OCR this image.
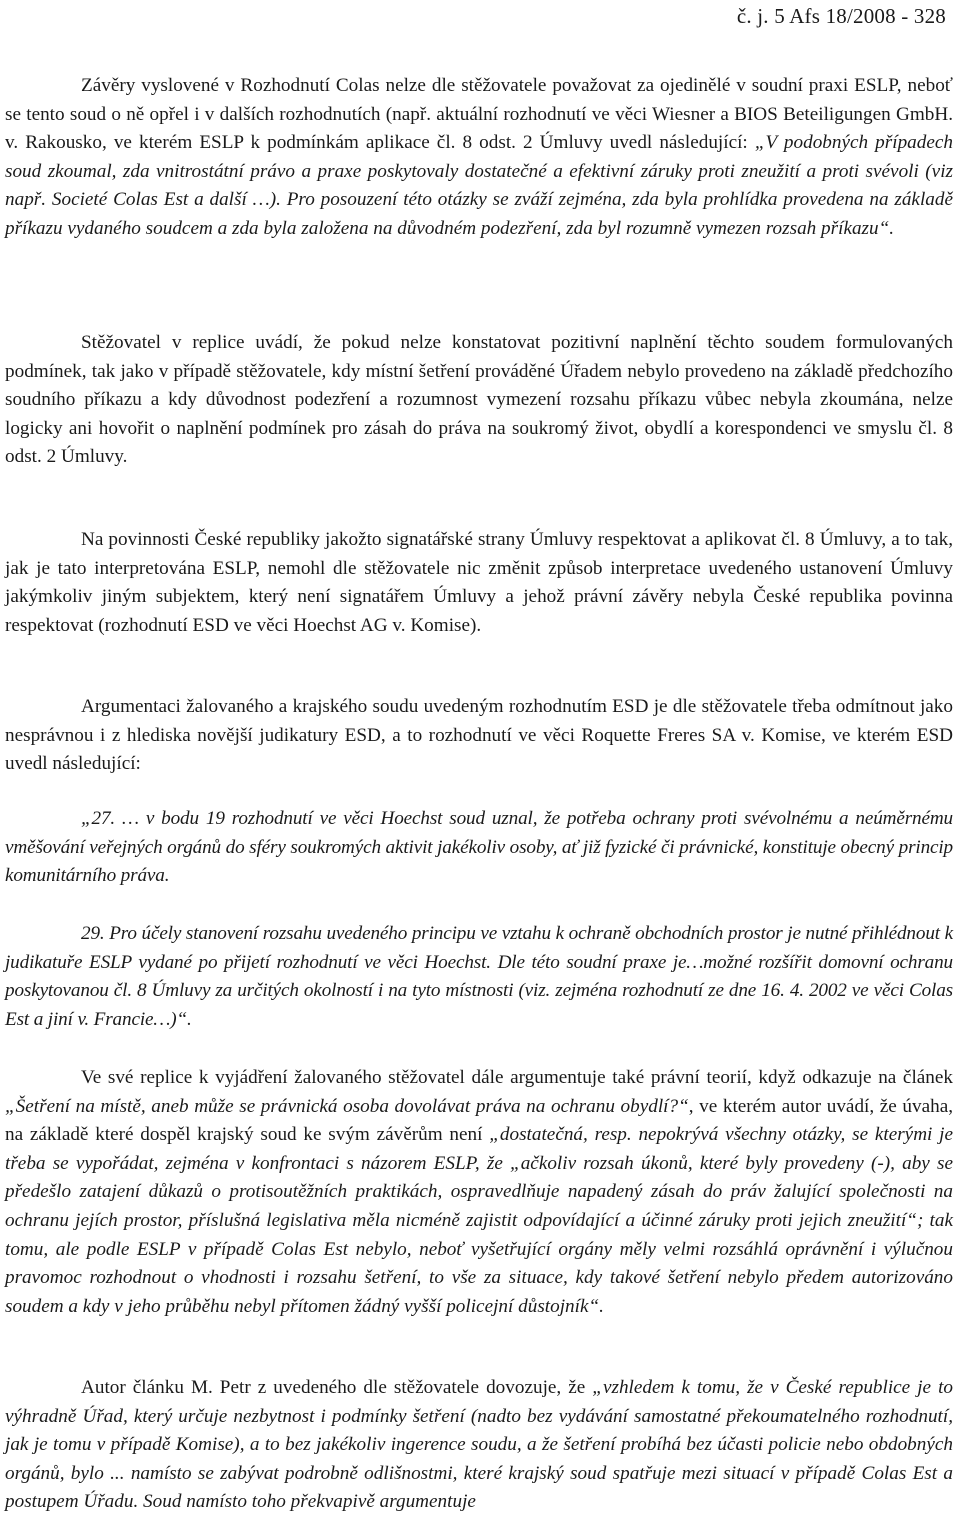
č. j. 5 Afs 18/2008 - 328

Závěry vyslovené v Rozhodnutí Colas nelze dle stěžovatele považovat za ojedinělé v soudní praxi ESLP, neboť se tento soud o ně opřel i v dalších rozhodnutích (např. aktuální rozhodnutí ve věci Wiesner a BIOS Beteiligungen GmbH. v. Rakousko, ve kterém ESLP k podmínkám aplikace čl. 8 odst. 2 Úmluvy uvedl následující: „V podobných případech soud zkoumal, zda vnitrostátní právo a praxe poskytovaly dostatečné a efektivní záruky proti zneužití a proti svévoli (viz např. Societé Colas Est a další …). Pro posouzení této otázky se zváží zejména, zda byla prohlídka provedena na základě příkazu vydaného soudcem a zda byla založena na důvodném podezření, zda byl rozumně vymezen rozsah příkazu“.

Stěžovatel v replice uvádí, že pokud nelze konstatovat pozitivní naplnění těchto soudem formulovaných podmínek, tak jako v případě stěžovatele, kdy místní šetření prováděné Úřadem nebylo provedeno na základě předchozího soudního příkazu a kdy důvodnost podezření a rozumnost vymezení rozsahu příkazu vůbec nebyla zkoumána, nelze logicky ani hovořit o naplnění podmínek pro zásah do práva na soukromý život, obydlí a korespondenci ve smyslu čl. 8 odst. 2 Úmluvy.

Na povinnosti České republiky jakožto signatářské strany Úmluvy respektovat a aplikovat čl. 8 Úmluvy, a to tak, jak je tato interpretována ESLP, nemohl dle stěžovatele nic změnit způsob interpretace uvedeného ustanovení Úmluvy jakýmkoliv jiným subjektem, který není signatářem Úmluvy a jehož právní závěry nebyla České republika povinna respektovat (rozhodnutí ESD ve věci Hoechst AG v. Komise).

Argumentaci žalovaného a krajského soudu uvedeným rozhodnutím ESD je dle stěžovatele třeba odmítnout jako nesprávnou i z hlediska novější judikatury ESD, a to rozhodnutí ve věci Roquette Freres SA v. Komise, ve kterém ESD uvedl následující:

„27. … v bodu 19 rozhodnutí ve věci Hoechst soud uznal, že potřeba ochrany proti svévolnému a neúměrnému vměšování veřejných orgánů do sféry soukromých aktivit jakékoliv osoby, ať již fyzické či právnické, konstituje obecný princip komunitárního práva.

29. Pro účely stanovení rozsahu uvedeného principu ve vztahu k ochraně obchodních prostor je nutné přihlédnout k judikatuře ESLP vydané po přijetí rozhodnutí ve věci Hoechst. Dle této soudní praxe je…možné rozšířit domovní ochranu poskytovanou čl. 8 Úmluvy za určitých okolností i na tyto místnosti (viz. zejména rozhodnutí ze dne 16. 4. 2002 ve věci Colas Est a jiní v. Francie…)“.

Ve své replice k vyjádření žalovaného stěžovatel dále argumentuje také právní teorií, když odkazuje na článek „Šetření na místě, aneb může se právnická osoba dovolávat práva na ochranu obydlí?“, ve kterém autor uvádí, že úvaha, na základě které dospěl krajský soud ke svým závěrům není „dostatečná, resp. nepokrývá všechny otázky, se kterými je třeba se vypořádat, zejména v konfrontaci s názorem ESLP, že „ačkoliv rozsah úkonů, které byly provedeny (-), aby se předešlo zatajení důkazů o protisoutěžních praktikách, ospravedlňuje napadený zásah do práv žalující společnosti na ochranu jejích prostor, příslušná legislativa měla nicméně zajistit odpovídající a účinné záruky proti jejich zneužití“; tak tomu, ale podle ESLP v případě Colas Est nebylo, neboť vyšetřující orgány měly velmi rozsáhlá oprávnění i výlučnou pravomoc rozhodnout o vhodnosti i rozsahu šetření, to vše za situace, kdy takové šetření nebylo předem autorizováno soudem a kdy v jeho průběhu nebyl přítomen žádný vyšší policejní důstojník“.

Autor článku M. Petr z uvedeného dle stěžovatele dovozuje, že „vzhledem k tomu, že v České republice je to výhradně Úřad, který určuje nezbytnost i podmínky šetření (nadto bez vydávání samostatné překoumatelného rozhodnutí, jak je tomu v případě Komise), a to bez jakékoliv ingerence soudu, a že šetření probíhá bez účasti policie nebo obdobných orgánů, bylo ... namísto se zabývat podrobně odlišnostmi, které krajský soud spatřuje mezi situací v případě Colas Est a postupem Úřadu. Soud namísto toho překvapivě argumentuje
